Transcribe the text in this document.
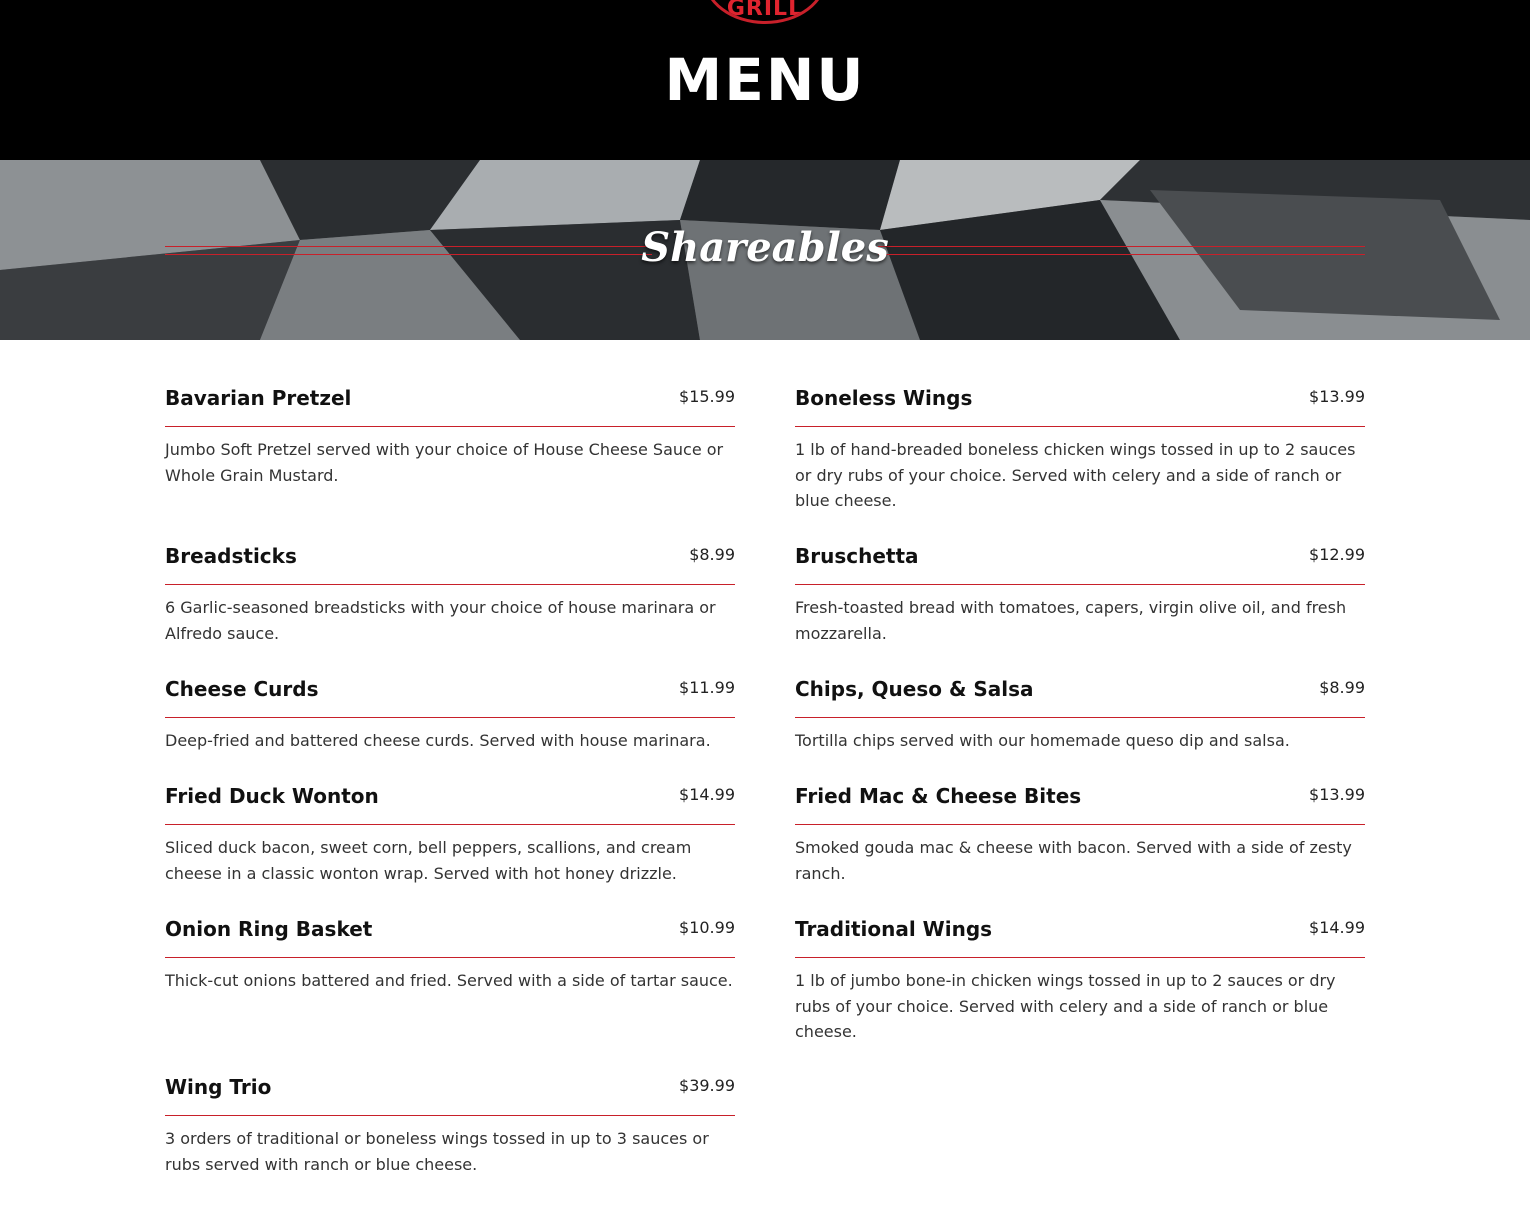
GRILL
MENU
Shareables
Bavarian Pretzel	$15.99

Jumbo Soft Pretzel served with your choice of House Cheese Sauce or Whole Grain Mustard.

Breadsticks	$8.99

6 Garlic-seasoned breadsticks with your choice of house marinara or Alfredo sauce.

Cheese Curds	$11.99

Deep-fried and battered cheese curds. Served with house marinara.

Fried Duck Wonton	$14.99

Sliced duck bacon, sweet corn, bell peppers, scallions, and cream cheese in a classic wonton wrap. Served with hot honey drizzle.

Onion Ring Basket	$10.99

Thick-cut onions battered and fried. Served with a side of tartar sauce.

Wing Trio	$39.99

3 orders of traditional or boneless wings tossed in up to 3 sauces or rubs served with ranch or blue cheese.

Boneless Wings	$13.99

1 lb of hand-breaded boneless chicken wings tossed in up to 2 sauces or dry rubs of your choice. Served with celery and a side of ranch or blue cheese.

Bruschetta	$12.99

Fresh-toasted bread with tomatoes, capers, virgin olive oil, and fresh mozzarella.

Chips, Queso & Salsa	$8.99

Tortilla chips served with our homemade queso dip and salsa.

Fried Mac & Cheese Bites	$13.99

Smoked gouda mac & cheese with bacon. Served with a side of zesty ranch.

Traditional Wings	$14.99

1 lb of jumbo bone-in chicken wings tossed in up to 2 sauces or dry rubs of your choice. Served with celery and a side of ranch or blue cheese.
